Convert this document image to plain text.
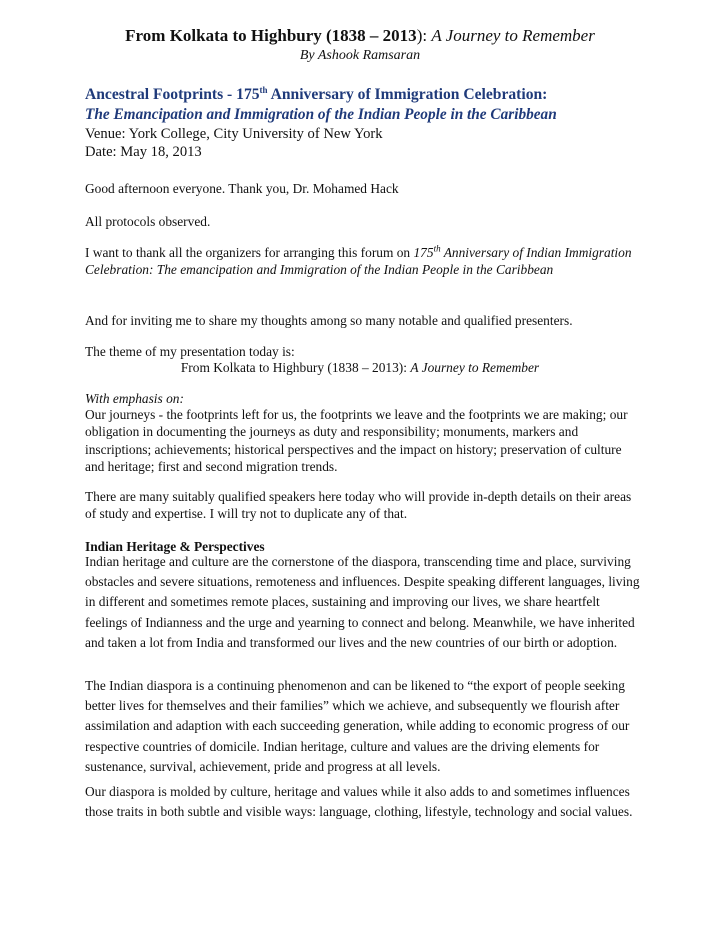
From Kolkata to Highbury (1838 – 2013): A Journey to Remember
By Ashook Ramsaran
Ancestral Footprints - 175th Anniversary of Immigration Celebration:
The Emancipation and Immigration of the Indian People in the Caribbean
Venue: York College, City University of New York
Date: May 18, 2013
Good afternoon everyone. Thank you, Dr. Mohamed Hack
All protocols observed.
I want to thank all the organizers for arranging this forum on 175th Anniversary of Indian Immigration Celebration: The emancipation and Immigration of the Indian People in the Caribbean
And for inviting me to share my thoughts among so many notable and qualified presenters.
The theme of my presentation today is:
From Kolkata to Highbury (1838 – 2013): A Journey to Remember
With emphasis on:
Our journeys - the footprints left for us, the footprints we leave and the footprints we are making; our obligation in documenting the journeys as duty and responsibility; monuments, markers and inscriptions; achievements; historical perspectives and the impact on history; preservation of culture and heritage; first and second migration trends.
There are many suitably qualified speakers here today who will provide in-depth details on their areas of study and expertise. I will try not to duplicate any of that.
Indian Heritage & Perspectives
Indian heritage and culture are the cornerstone of the diaspora, transcending time and place, surviving obstacles and severe situations, remoteness and influences. Despite speaking different languages, living in different and sometimes remote places, sustaining and improving our lives, we share heartfelt feelings of Indianness and the urge and yearning to connect and belong. Meanwhile, we have inherited and taken a lot from India and transformed our lives and the new countries of our birth or adoption.
The Indian diaspora is a continuing phenomenon and can be likened to “the export of people seeking better lives for themselves and their families” which we achieve, and subsequently we flourish after assimilation and adaption with each succeeding generation, while adding to economic progress of our respective countries of domicile. Indian heritage, culture and values are the driving elements for sustenance, survival, achievement, pride and progress at all levels.
Our diaspora is molded by culture, heritage and values while it also adds to and sometimes influences those traits in both subtle and visible ways: language, clothing, lifestyle, technology and social values.
